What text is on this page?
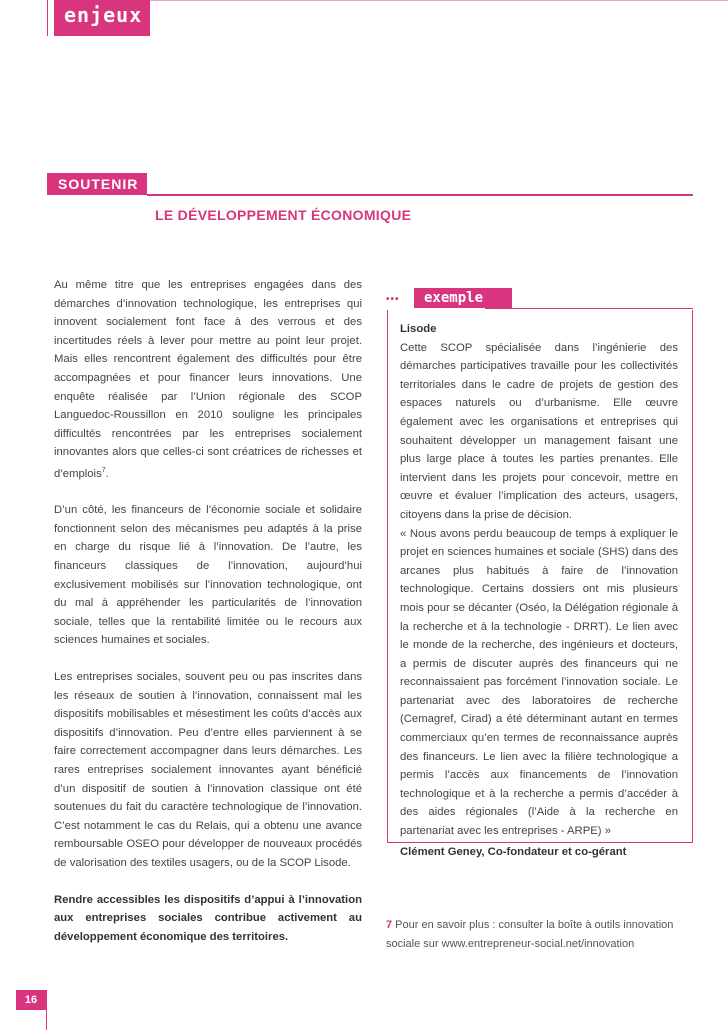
enjeux
SOUTENIR
LE DÉVELOPPEMENT ÉCONOMIQUE

Au même titre que les entreprises engagées dans des démarches d’innovation technologique, les entreprises qui innovent socialement font face à des verrous et des incertitudes réels à lever pour mettre au point leur projet. Mais elles rencontrent également des difficultés pour être accompagnées et pour financer leurs innovations. Une enquête réalisée par l’Union régionale des SCOP Languedoc-Roussillon en 2010 souligne les principales difficultés rencontrées par les entreprises socialement innovantes alors que celles-ci sont créatrices de richesses et d’emplois$^7$.

D’un côté, les financeurs de l’économie sociale et solidaire fonctionnent selon des mécanismes peu adaptés à la prise en charge du risque lié à l’innovation. De l’autre, les financeurs classiques de l’innovation, aujourd’hui exclusivement mobilisés sur l’innovation technologique, ont du mal à appréhender les particularités de l’innovation sociale, telles que la rentabilité limitée ou le recours aux sciences humaines et sociales.

Les entreprises sociales, souvent peu ou pas inscrites dans les réseaux de soutien à l’innovation, connaissent mal les dispositifs mobilisables et mésestiment les coûts d’accès aux dispositifs d’innovation. Peu d’entre elles parviennent à se faire correctement accompagner dans leurs démarches. Les rares entreprises socialement innovantes ayant bénéficié d’un dispositif de soutien à l’innovation classique ont été soutenues du fait du caractère technologique de l’innovation. C’est notamment le cas du Relais, qui a obtenu une avance remboursable OSEO pour développer de nouveaux procédés de valorisation des textiles usagers, ou de la SCOP Lisode.

Rendre accessibles les dispositifs d’appui à l’innovation aux entreprises sociales contribue activement au développement économique des territoires.

•••	exemple

Lisode

Cette SCOP spécialisée dans l’ingénierie des démarches participatives travaille pour les collectivités territoriales dans le cadre de projets de gestion des espaces naturels ou d’urbanisme. Elle œuvre également avec les organisations et entreprises qui souhaitent développer un management faisant une plus large place à toutes les parties prenantes. Elle intervient dans les projets pour concevoir, mettre en œuvre et évaluer l’implication des acteurs, usagers, citoyens dans la prise de décision.

« Nous avons perdu beaucoup de temps à expliquer le projet en sciences humaines et sociale (SHS) dans des arcanes plus habitués à faire de l’innovation technologique. Certains dossiers ont mis plusieurs mois pour se décanter (Oséo, la Délégation régionale à la recherche et à la technologie - DRRT). Le lien avec le monde de la recherche, des ingénieurs et docteurs, a permis de discuter auprès des financeurs qui ne reconnaissaient pas forcément l’innovation sociale. Le partenariat avec des laboratoires de recherche (Cemagref, Cirad) a été déterminant autant en termes commerciaux qu’en termes de reconnaissance auprès des financeurs. Le lien avec la filière technologique a permis l’accès aux financements de l’innovation technologique et à la recherche a permis d’accéder à des aides régionales (l’Aide à la recherche en partenariat avec les entreprises - ARPE) »

Clément Geney, Co-fondateur et co-gérant

7 Pour en savoir plus : consulter la boîte à outils innovation sociale sur www.entrepreneur-social.net/innovation
16
